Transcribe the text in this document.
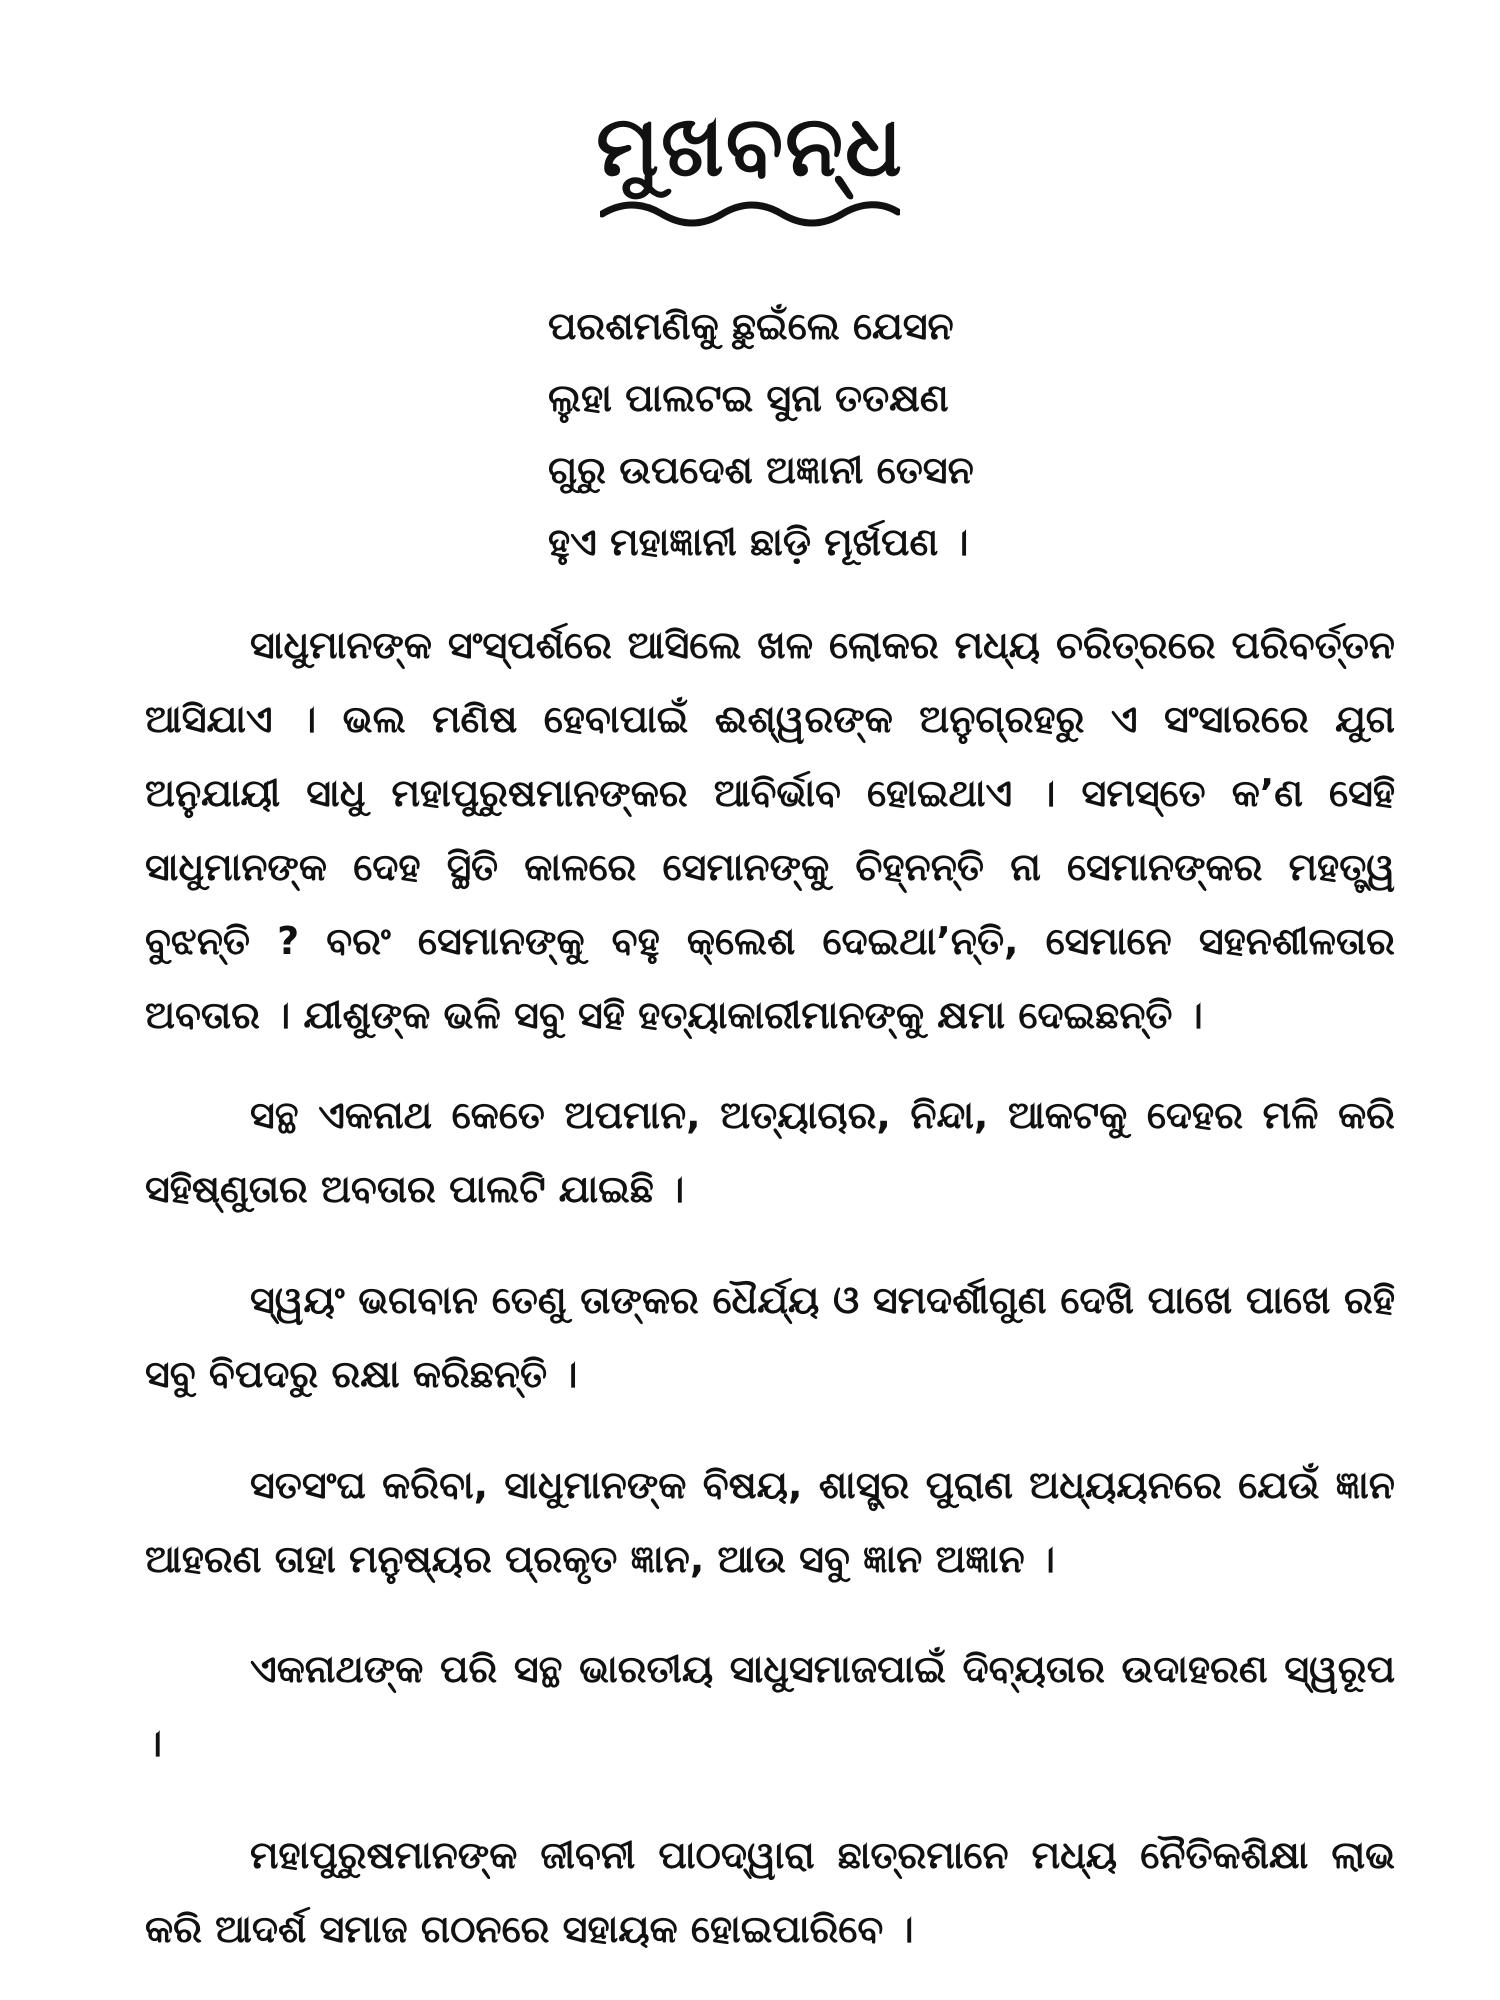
ମୁଖବନ୍ଧ
ପରଶମଣିକୁ ଛୁଇଁଲେ ଯେସନ
ଲୁହା ପାଲଟଇ ସୁନା ତତକ୍ଷଣ
ଗୁରୁ ଉପଦେଶ ଅଜ୍ଞାନୀ ତେସନ
ହୁଏ ମହାଜ୍ଞାନୀ ଛାଡ଼ି ମୂର୍ଖପଣ ।

ସାଧୁମାନଙ୍କ ସଂସ୍ପର୍ଶରେ ଆସିଲେ ଖଳ ଲୋକର ମଧ୍ୟ ଚରିତ୍ରରେ ପରିବର୍ତ୍ତନ ଆସିଯାଏ । ଭଲ ମଣିଷ ହେବାପାଇଁ ଈଶ୍ୱରଙ୍କ ଅନୁଗ୍ରହରୁ ଏ ସଂସାରରେ ଯୁଗ ଅନୁଯାୟୀ ସାଧୁ ମହାପୁରୁଷମାନଙ୍କର ଆବିର୍ଭାବ ହୋଇଥାଏ । ସମସ୍ତେ କ’ଣ ସେହି ସାଧୁମାନଙ୍କ ଦେହ ସ୍ଥିତି କାଳରେ ସେମାନଙ୍କୁ ଚିହ୍ନନ୍ତି ନା ସେମାନଙ୍କର ମହତ୍ତ୍ୱ ବୁଝନ୍ତି ? ବରଂ ସେମାନଙ୍କୁ ବହୁ କ୍ଲେଶ ଦେଇଥା’ନ୍ତି, ସେମାନେ ସହନଶୀଳତାର ଅବତାର । ଯୀଶୁଙ୍କ ଭଳି ସବୁ ସହି ହତ୍ୟାକାରୀମାନଙ୍କୁ କ୍ଷମା ଦେଇଛନ୍ତି ।

ସନ୍ଥ ଏକନାଥ କେତେ ଅପମାନ, ଅତ୍ୟାଚାର, ନିନ୍ଦା, ଆକଟକୁ ଦେହର ମଳି କରି ସହିଷ୍ଣୁତାର ଅବତାର ପାଲଟି ଯାଇଛି ।

ସ୍ୱୟଂ ଭଗବାନ ତେଣୁ ତାଙ୍କର ଧୈର୍ଯ୍ୟ ଓ ସମଦର୍ଶୀଗୁଣ ଦେଖି ପାଖେ ପାଖେ ରହି ସବୁ ବିପଦରୁ ରକ୍ଷା କରିଛନ୍ତି ।

ସତସଂଘ କରିବା, ସାଧୁମାନଙ୍କ ବିଷୟ, ଶାସ୍ତ୍ର ପୁରାଣ ଅଧ୍ୟୟନରେ ଯେଉଁ ଜ୍ଞାନ ଆହରଣ ତାହା ମନୁଷ୍ୟର ପ୍ରକୃତ ଜ୍ଞାନ, ଆଉ ସବୁ ଜ୍ଞାନ ଅଜ୍ଞାନ ।

ଏକନାଥଙ୍କ ପରି ସନ୍ଥ ଭାରତୀୟ ସାଧୁସମାଜପାଇଁ ଦିବ୍ୟତାର ଉଦାହରଣ ସ୍ୱରୂପ ।

ମହାପୁରୁଷମାନଙ୍କ ଜୀବନୀ ପାଠଦ୍ୱାରା ଛାତ୍ରମାନେ ମଧ୍ୟ ନୈତିକଶିକ୍ଷା ଲାଭ କରି ଆଦର୍ଶ ସମାଜ ଗଠନରେ ସହାୟକ ହୋଇପାରିବେ ।
